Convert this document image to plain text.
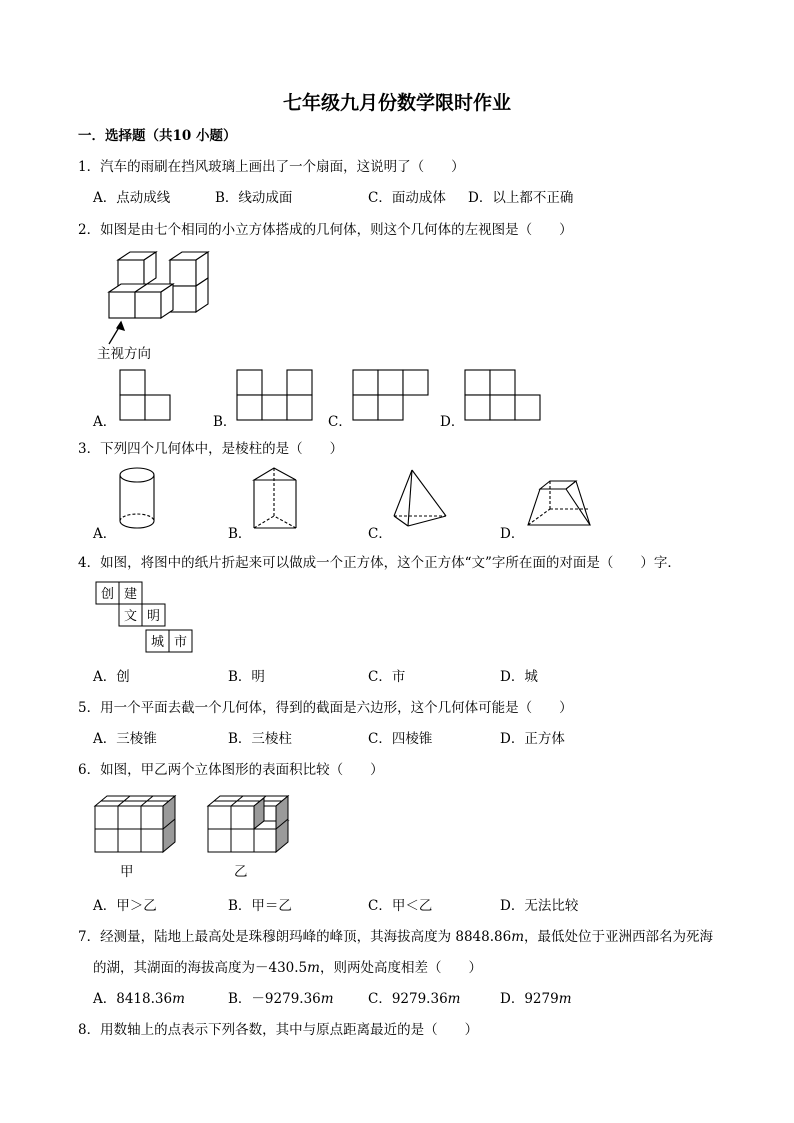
七年级九月份数学限时作业
一．选择题（共10 小题）
1．汽车的雨刷在挡风玻璃上画出了一个扇面，这说明了（　　）
A．点动成线	B．线动成面	C．面动成体 D．以上都不正确
2．如图是由七个相同的小立方体搭成的几何体，则这个几何体的左视图是（　　）
主视方向
A．	B．	C．	D．
3．下列四个几何体中，是棱柱的是（　　）
A．	B．	C．	D．
4．如图，将图中的纸片折起来可以做成一个正方体，这个正方体“文”字所在面的对面是（　　）字．
创 建
文 明
城 市
A．创	B．明	C．市	D．城
5．用一个平面去截一个几何体，得到的截面是六边形，这个几何体可能是（　　）
A．三棱锥	B．三棱柱	C．四棱锥	D．正方体
6．如图，甲乙两个立体图形的表面积比较（　　）
甲	乙
A．甲＞乙	B．甲＝乙	C．甲＜乙	D．无法比较
7．经测量，陆地上最高处是珠穆朗玛峰的峰顶，其海拔高度为 8848.86m，最低处位于亚洲西部名为死海
的湖，其湖面的海拔高度为－430.5m，则两处高度相差（　　）
A．8418.36m	B．－9279.36m	C．9279.36m	D．9279m
8．用数轴上的点表示下列各数，其中与原点距离最近的是（　　）
